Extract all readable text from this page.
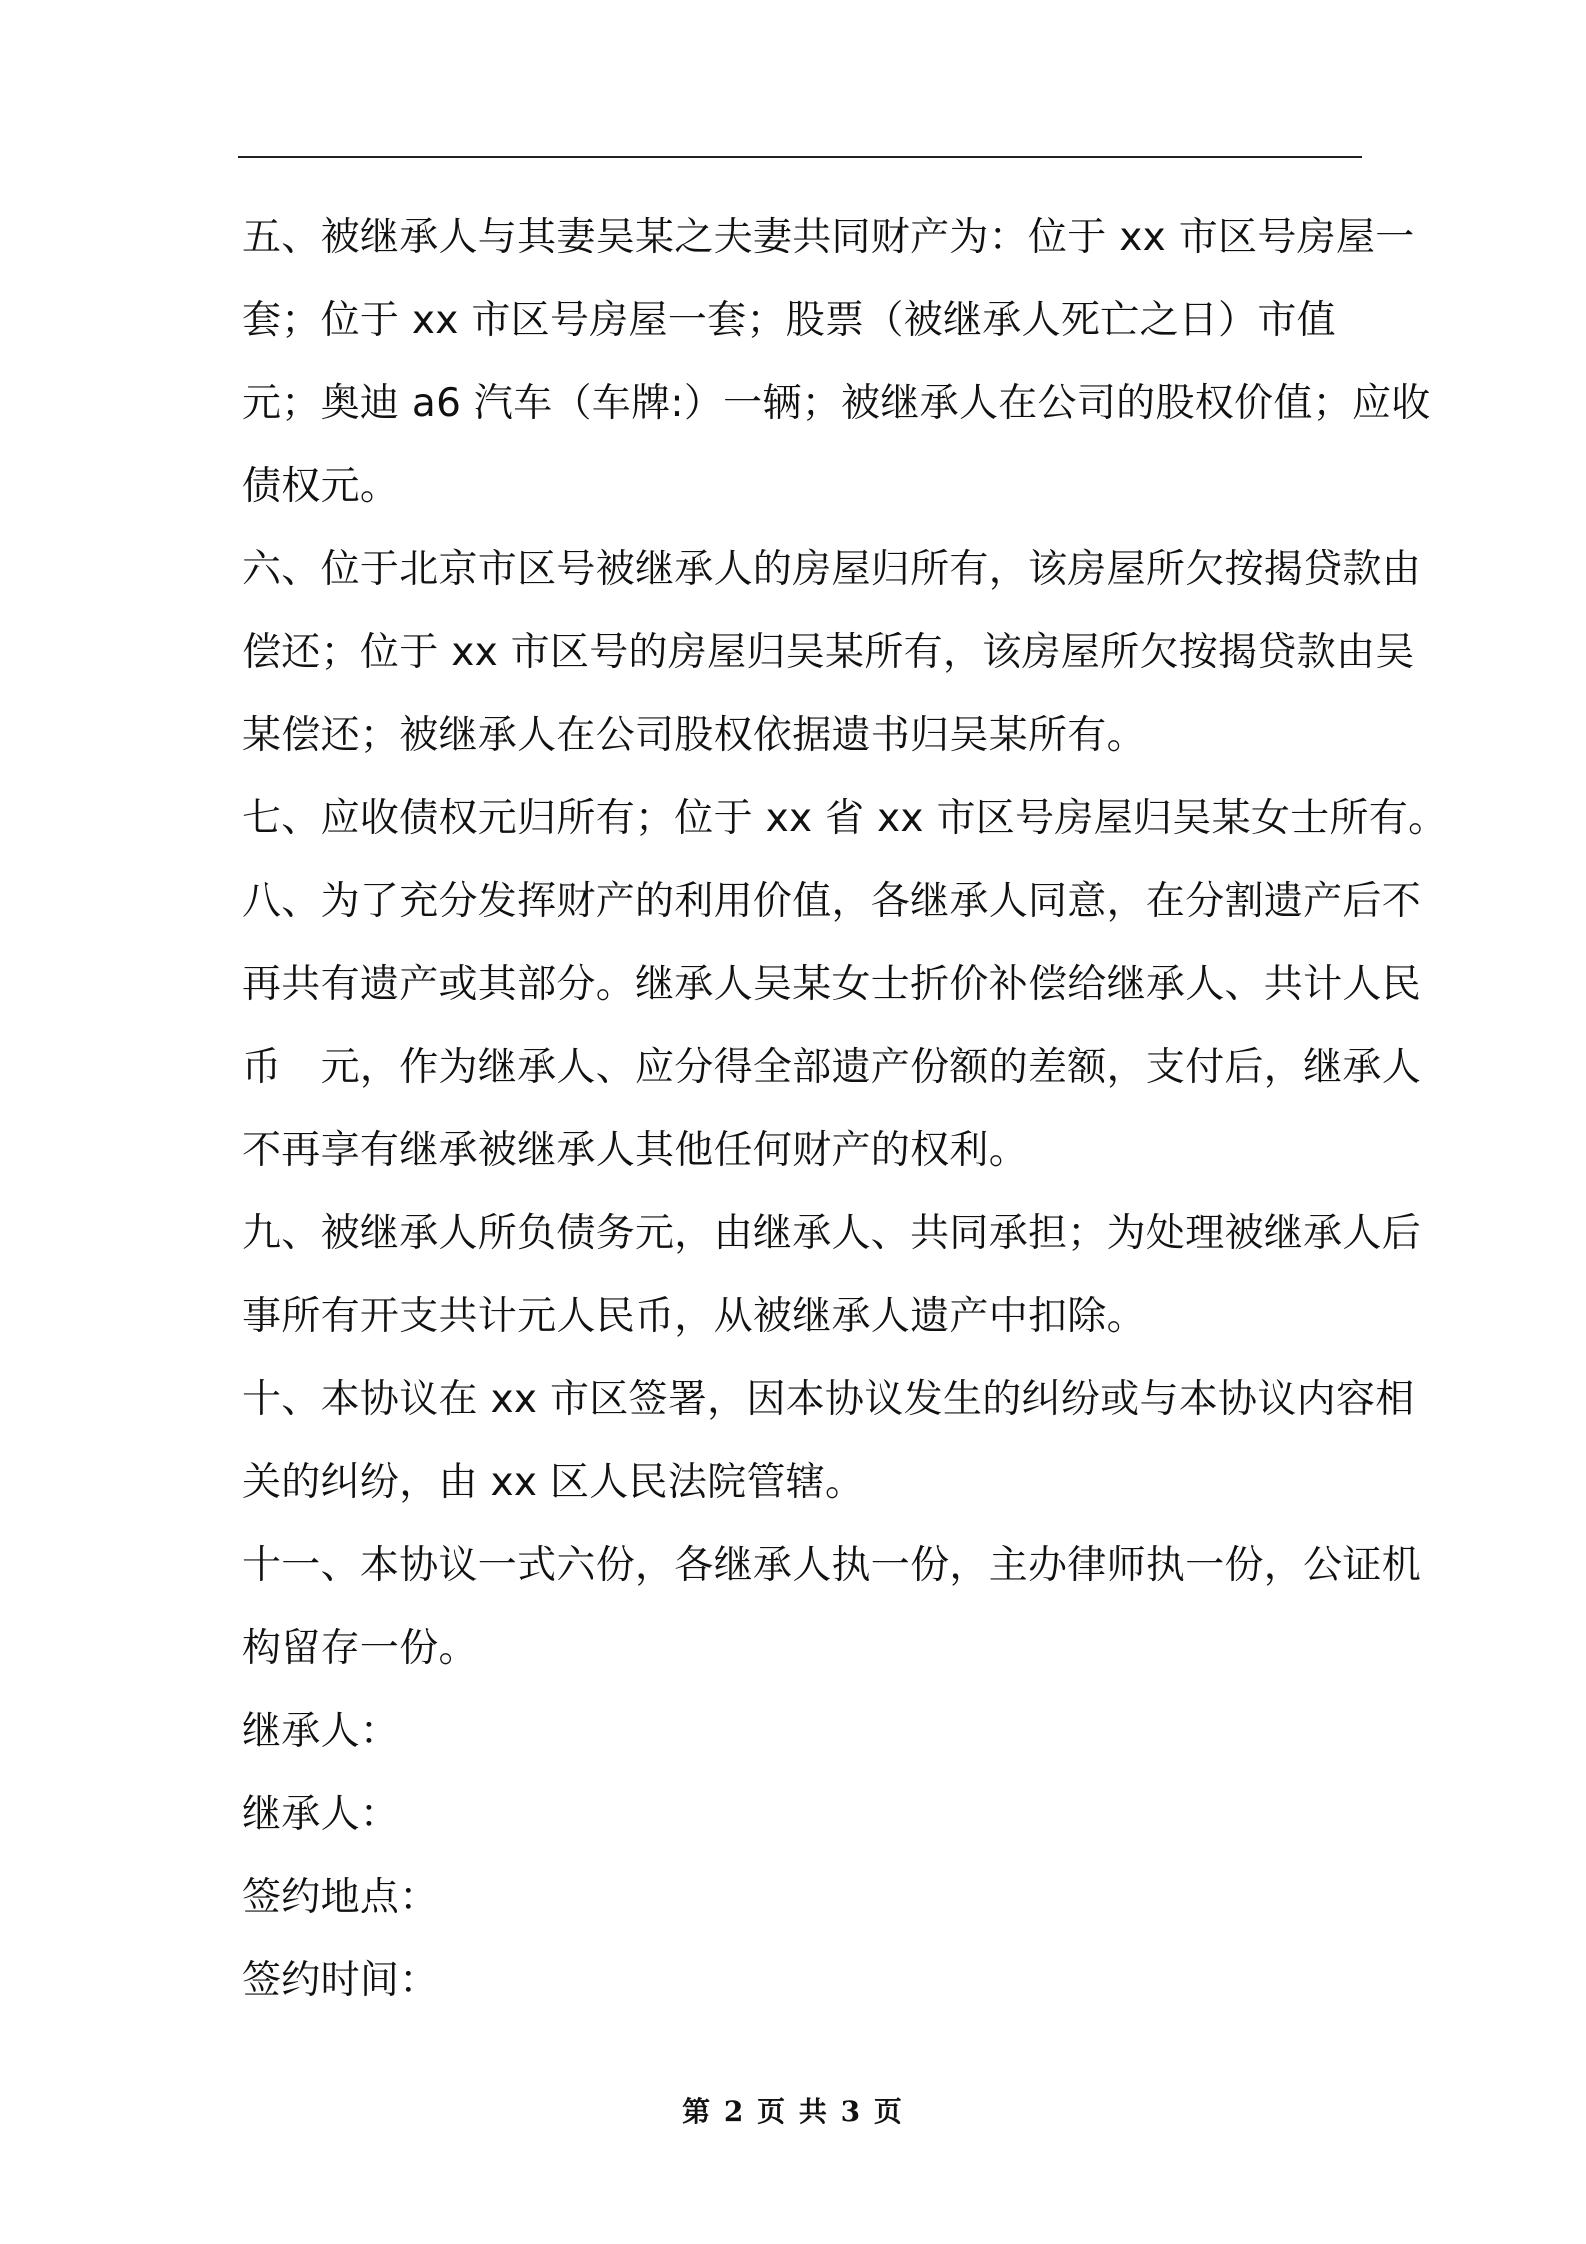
五、被继承人与其妻吴某之夫妻共同财产为：位于 xx 市区号房屋一
套；位于 xx 市区号房屋一套；股票（被继承人死亡之日）市值
元；奥迪 a6 汽车（车牌:）一辆；被继承人在公司的股权价值；应收
债权元。

六、位于北京市区号被继承人的房屋归所有，该房屋所欠按揭贷款由
偿还；位于 xx 市区号的房屋归吴某所有，该房屋所欠按揭贷款由吴
某偿还；被继承人在公司股权依据遗书归吴某所有。

七、应收债权元归所有；位于 xx 省 xx 市区号房屋归吴某女士所有。

八、为了充分发挥财产的利用价值，各继承人同意，在分割遗产后不
再共有遗产或其部分。继承人吴某女士折价补偿给继承人、共计人民
币　元，作为继承人、应分得全部遗产份额的差额，支付后，继承人
不再享有继承被继承人其他任何财产的权利。

九、被继承人所负债务元，由继承人、共同承担；为处理被继承人后
事所有开支共计元人民币，从被继承人遗产中扣除。

十、本协议在 xx 市区签署，因本协议发生的纠纷或与本协议内容相
关的纠纷，由 xx 区人民法院管辖。

十一、本协议一式六份，各继承人执一份，主办律师执一份，公证机
构留存一份。

继承人：
继承人：
签约地点：
签约时间：

第 2 页 共 3 页
